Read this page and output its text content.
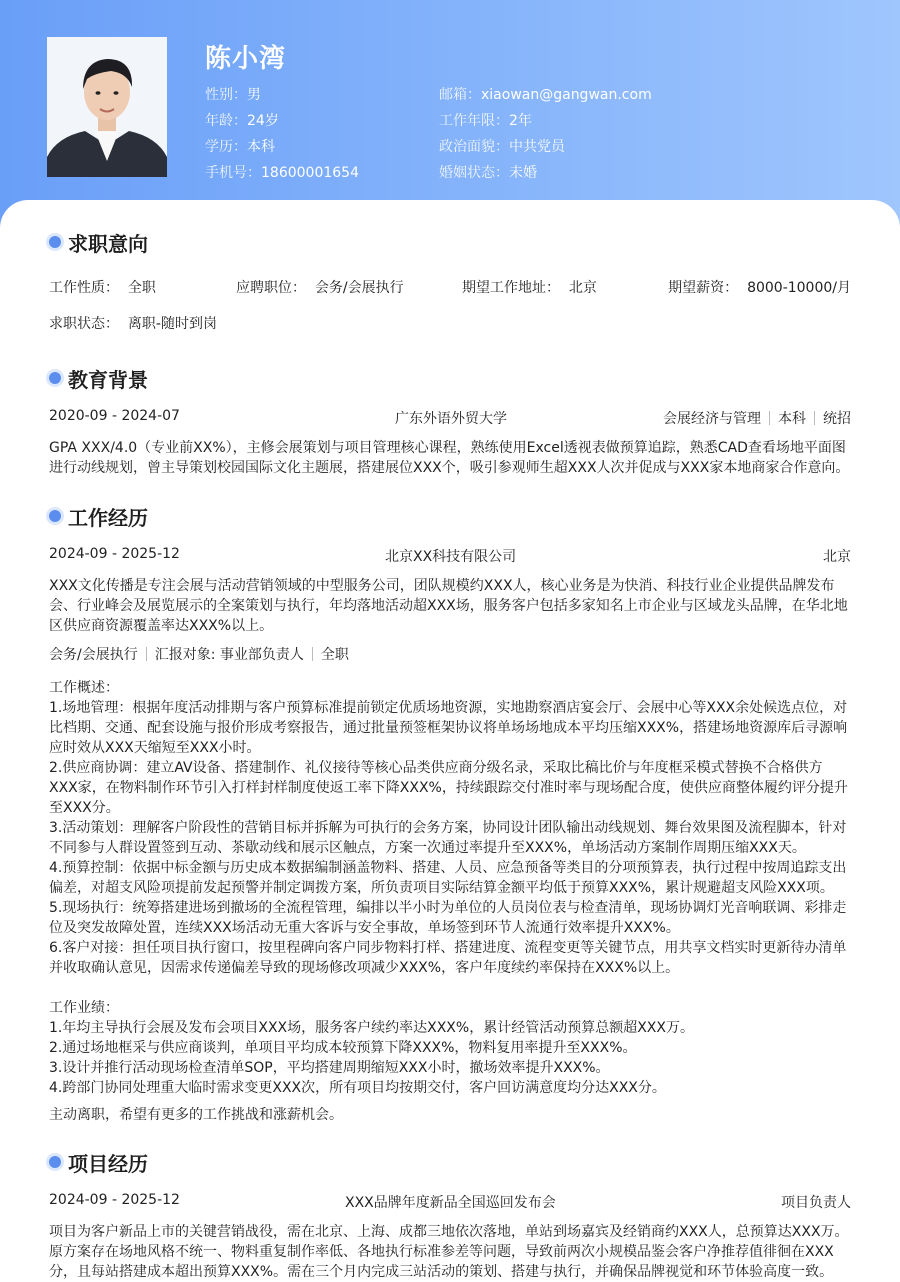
陈小湾
性别：男
年龄：24岁
学历：本科
手机号：18600001654
邮箱：xiaowan@gangwan.com
工作年限：2年
政治面貌：中共党员
婚姻状态：未婚
求职意向
工作性质： 全职	应聘职位： 会务/会展执行	期望工作地址： 北京	期望薪资： 8000-10000/月
求职状态： 离职-随时到岗
教育背景
2020-09 - 2024-07	广东外语外贸大学	会展经济与管理 本科 统招
GPA XXX/4.0（专业前XX%），主修会展策划与项目管理核心课程，熟练使用Excel透视表做预算追踪，熟悉CAD查看场地平面图进行动线规划，曾主导策划校园国际文化主题展，搭建展位XXX个，吸引参观师生超XXX人次并促成与XXX家本地商家合作意向。
工作经历
2024-09 - 2025-12	北京XX科技有限公司	北京
XXX文化传播是专注会展与活动营销领域的中型服务公司，团队规模约XXX人，核心业务是为快消、科技行业企业提供品牌发布会、行业峰会及展览展示的全案策划与执行，年均落地活动超XXX场，服务客户包括多家知名上市企业与区域龙头品牌，在华北地区供应商资源覆盖率达XXX%以上。
会务/会展执行 汇报对象: 事业部负责人 全职
工作概述：
1.场地管理：根据年度活动排期与客户预算标准提前锁定优质场地资源，实地勘察酒店宴会厅、会展中心等XXX余处候选点位，对比档期、交通、配套设施与报价形成考察报告，通过批量预签框架协议将单场场地成本平均压缩XXX%，搭建场地资源库后寻源响应时效从XXX天缩短至XXX小时。
2.供应商协调：建立AV设备、搭建制作、礼仪接待等核心品类供应商分级名录，采取比稿比价与年度框采模式替换不合格供方XXX家，在物料制作环节引入打样封样制度使返工率下降XXX%，持续跟踪交付准时率与现场配合度，使供应商整体履约评分提升至XXX分。
3.活动策划：理解客户阶段性的营销目标并拆解为可执行的会务方案，协同设计团队输出动线规划、舞台效果图及流程脚本，针对不同参与人群设置签到互动、茶歇动线和展示区触点，方案一次通过率提升至XXX%，单场活动方案制作周期压缩XXX天。
4.预算控制：依据中标金额与历史成本数据编制涵盖物料、搭建、人员、应急预备等类目的分项预算表，执行过程中按周追踪支出偏差，对超支风险项提前发起预警并制定调拨方案，所负责项目实际结算金额平均低于预算XXX%，累计规避超支风险XXX项。
5.现场执行：统筹搭建进场到撤场的全流程管理，编排以半小时为单位的人员岗位表与检查清单，现场协调灯光音响联调、彩排走位及突发故障处置，连续XXX场活动无重大客诉与安全事故，单场签到环节人流通行效率提升XXX%。
6.客户对接：担任项目执行窗口，按里程碑向客户同步物料打样、搭建进度、流程变更等关键节点，用共享文档实时更新待办清单并收取确认意见，因需求传递偏差导致的现场修改项减少XXX%，客户年度续约率保持在XXX%以上。
工作业绩：
1.年均主导执行会展及发布会项目XXX场，服务客户续约率达XXX%，累计经管活动预算总额超XXX万。
2.通过场地框采与供应商谈判，单项目平均成本较预算下降XXX%，物料复用率提升至XXX%。
3.设计并推行活动现场检查清单SOP，平均搭建周期缩短XXX小时，撤场效率提升XXX%。
4.跨部门协同处理重大临时需求变更XXX次，所有项目均按期交付，客户回访满意度均分达XXX分。
主动离职，希望有更多的工作挑战和涨薪机会。
项目经历
2024-09 - 2025-12	XXX品牌年度新品全国巡回发布会	项目负责人
项目为客户新品上市的关键营销战役，需在北京、上海、成都三地依次落地，单站到场嘉宾及经销商约XXX人，总预算达XXX万。原方案存在场地风格不统一、物料重复制作率低、各地执行标准参差等问题，导致前两次小规模品鉴会客户净推荐值徘徊在XXX分，且每站搭建成本超出预算XXX%。需在三个月内完成三站活动的策划、搭建与执行，并确保品牌视觉和环节体验高度一致。
